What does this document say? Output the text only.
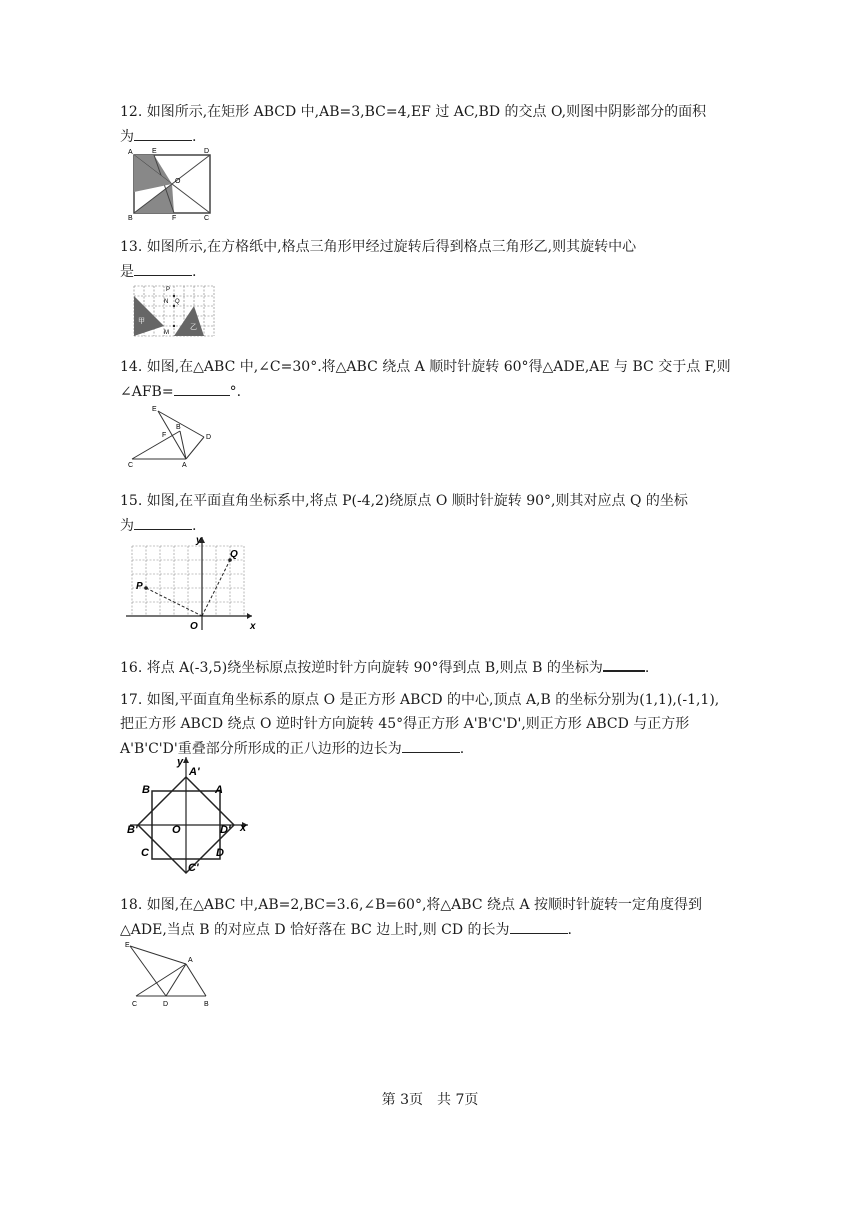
12. 如图所示,在矩形 ABCD 中,AB=3,BC=4,EF 过 AC,BD 的交点 O,则图中阴影部分的面积
为	.
A	E	D
O
B	F	C
13. 如图所示,在方格纸中,格点三角形甲经过旋转后得到格点三角形乙,则其旋转中心
是	.
甲
乙
P
N Q
M
14. 如图,在△ABC 中,∠C=30°.将△ABC 绕点 A 顺时针旋转 60°得△ADE,AE 与 BC 交于点 F,则
∠AFB=	°.
E
B
F	D
C	A
15. 如图,在平面直角坐标系中,将点 P(-4,2)绕原点 O 顺时针旋转 90°,则其对应点 Q 的坐标
为	.
y
Q
P
O	x
16. 将点 A(-3,5)绕坐标原点按逆时针方向旋转 90°得到点 B,则点 B 的坐标为	.
17. 如图,平面直角坐标系的原点 O 是正方形 ABCD 的中心,顶点 A,B 的坐标分别为(1,1),(-1,1),
把正方形 ABCD 绕点 O 逆时针方向旋转 45°得正方形 A'B'C'D',则正方形 ABCD 与正方形
A'B'C'D'重叠部分所形成的正八边形的边长为	.
y
A'
B	A
B'	O	D' x
C	D
C'
18. 如图,在△ABC 中,AB=2,BC=3.6,∠B=60°,将△ABC 绕点 A 按顺时针旋转一定角度得到
△ADE,当点 B 的对应点 D 恰好落在 BC 边上时,则 CD 的长为	.
E
A
C	D	B
第 3页　共 7页
